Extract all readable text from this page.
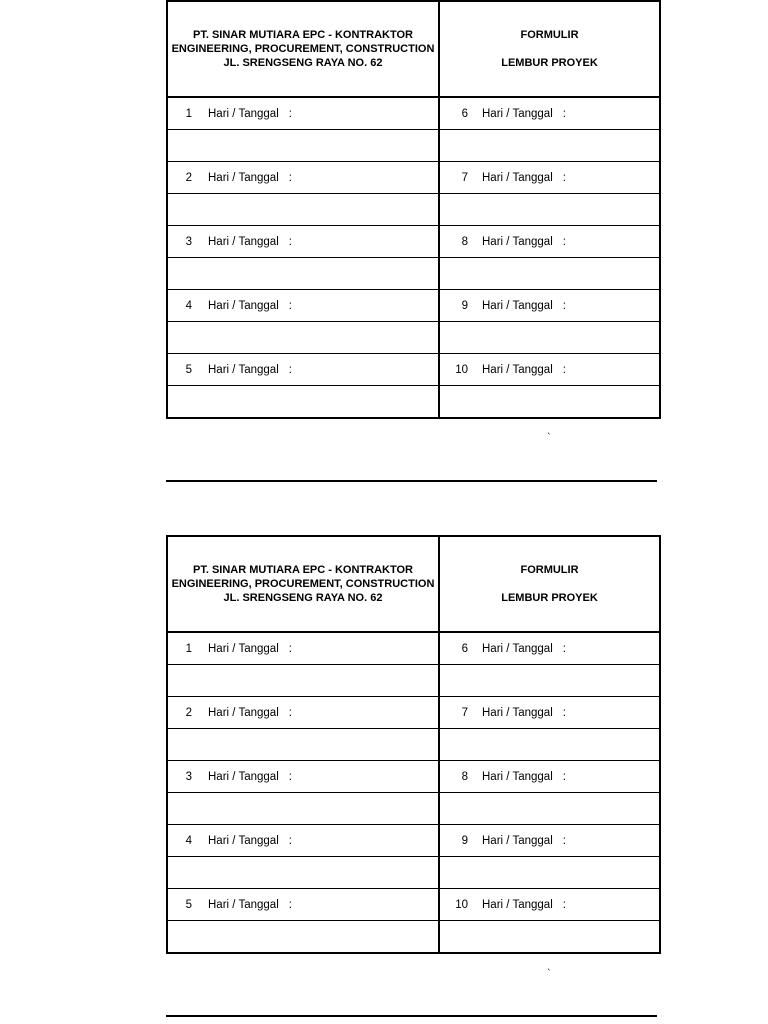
PT. SINAR MUTIARA EPC - KONTRAKTOR
ENGINEERING, PROCUREMENT, CONSTRUCTION
JL. SRENGSENG RAYA NO. 62	FORMULIR
LEMBUR PROYEK

1 Hari / Tanggal :	6 Hari / Tanggal :

2 Hari / Tanggal :	7 Hari / Tanggal :

3 Hari / Tanggal :	8 Hari / Tanggal :

4 Hari / Tanggal :	9 Hari / Tanggal :

5 Hari / Tanggal :	10 Hari / Tanggal :

`
PT. SINAR MUTIARA EPC - KONTRAKTOR
ENGINEERING, PROCUREMENT, CONSTRUCTION
JL. SRENGSENG RAYA NO. 62	FORMULIR
LEMBUR PROYEK

1 Hari / Tanggal :	6 Hari / Tanggal :

2 Hari / Tanggal :	7 Hari / Tanggal :

3 Hari / Tanggal :	8 Hari / Tanggal :

4 Hari / Tanggal :	9 Hari / Tanggal :

5 Hari / Tanggal :	10 Hari / Tanggal :

`
